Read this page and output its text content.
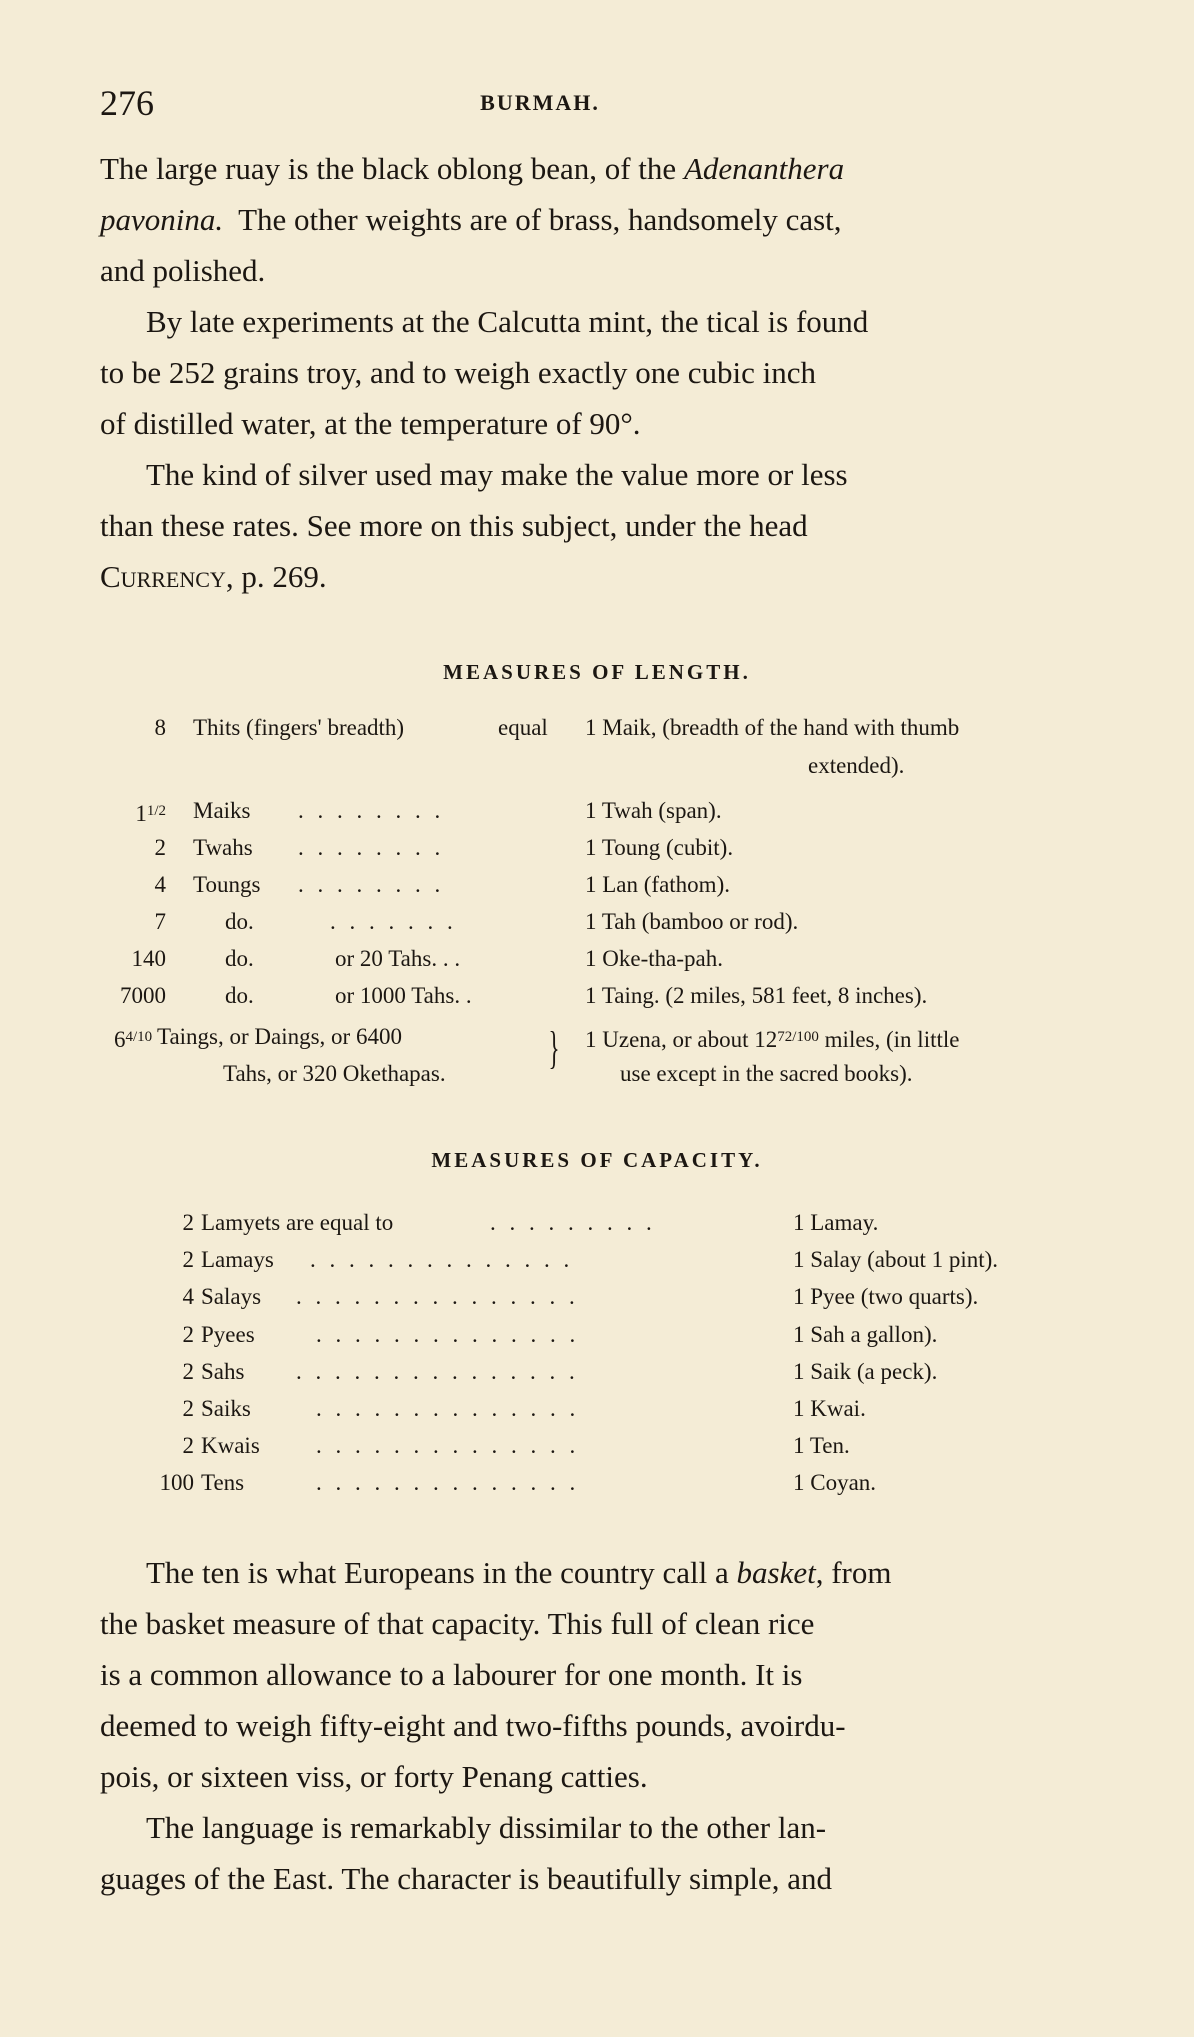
276	BURMAH.
The large ruay is the black oblong bean, of the Adenanthera
pavonina.  The other weights are of brass, handsomely cast,
and polished.
By late experiments at the Calcutta mint, the tical is found
to be 252 grains troy, and to weigh exactly one cubic inch
of distilled water, at the temperature of 90°.
The kind of silver used may make the value more or less
than these rates. See more on this subject, under the head
Currency, p. 269.
MEASURES OF LENGTH.
8 Thits (fingers' breadth)	equal 1 Maik, (breadth of the hand with thumb
extended).
$1^{1/2}$ Maiks . . . . . . . .	1 Twah (span).
2 Twahs . . . . . . . .	1 Toung (cubit).
4 Toungs . . . . . . . .	1 Lan (fathom).
7	do.	. . . . . . .	1 Tah (bamboo or rod).
140	do.	or 20 Tahs. . .	1 Oke-tha-pah.
7000	do.	or 1000 Tahs. .	1 Taing. (2 miles, 581 feet, 8 inches).
$6^{4/10}$ Taings, or Daings, or 6400	1 Uzena, or about $12^{72/100}$ miles, (in little
Tahs, or 320 Okethapas.	use except in the sacred books).
}
MEASURES OF CAPACITY.
2 Lamyets are equal to	. . . . . . . . .	1 Lamay.
2 Lamays . . . . . . . . . . . . . .	1 Salay (about 1 pint).
4 Salays . . . . . . . . . . . . . . .	1 Pyee (two quarts).
2 Pyees	. . . . . . . . . . . . . .	1 Sah a gallon).
2 Sahs . . . . . . . . . . . . . . .	1 Saik (a peck).
2 Saiks	. . . . . . . . . . . . . .	1 Kwai.
2 Kwais . . . . . . . . . . . . . .	1 Ten.
100 Tens	. . . . . . . . . . . . . .	1 Coyan.
The ten is what Europeans in the country call a basket, from
the basket measure of that capacity. This full of clean rice
is a common allowance to a labourer for one month. It is
deemed to weigh fifty-eight and two-fifths pounds, avoirdu-
pois, or sixteen viss, or forty Penang catties.
The language is remarkably dissimilar to the other lan-
guages of the East. The character is beautifully simple, and
